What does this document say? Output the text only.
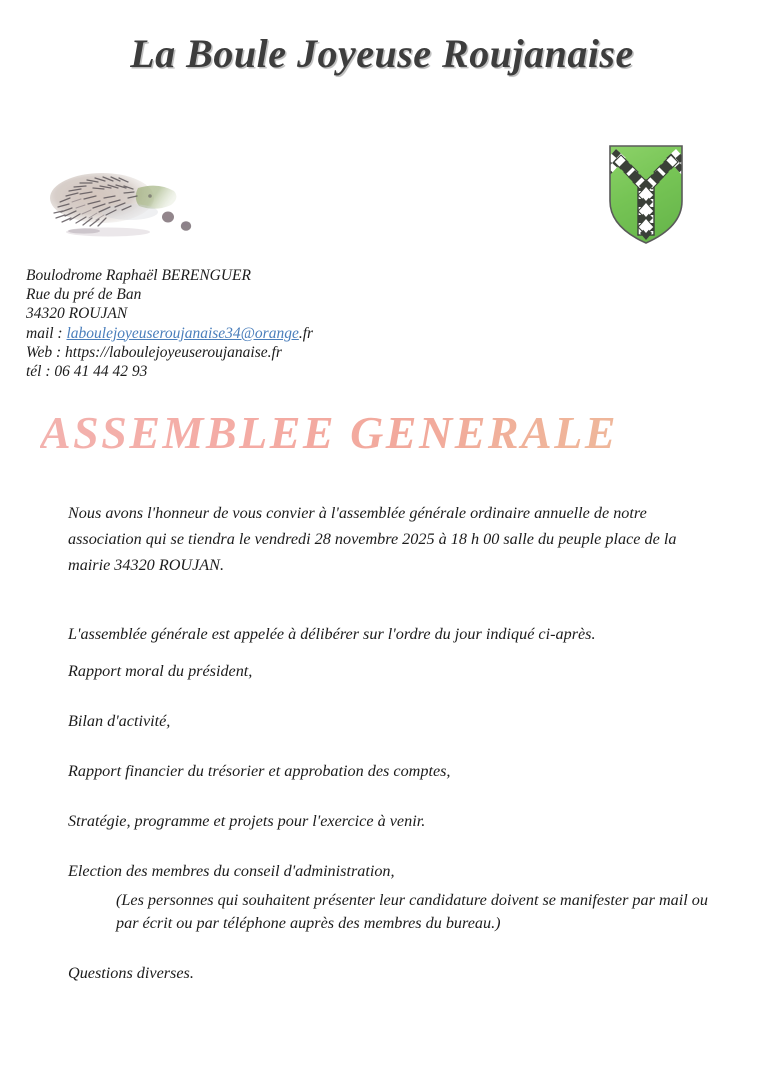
La Boule Joyeuse Roujanaise
Boulodrome Raphaël BERENGUER
Rue du pré de Ban
34320 ROUJAN
mail : laboulejoyeuseroujanaise34@orange.fr
Web : https://laboulejoyeuseroujanaise.fr
tél : 06 41 44 42 93
ASSEMBLEE GENERALE

Nous avons l'honneur de vous convier à l'assemblée générale ordinaire annuelle de notre association qui se tiendra le vendredi 28 novembre 2025 à 18 h 00 salle du peuple place de la mairie 34320 ROUJAN.

L'assemblée générale est appelée à délibérer sur l'ordre du jour indiqué ci-après.

Rapport moral du président,

Bilan d'activité,

Rapport financier du trésorier et approbation des comptes,

Stratégie, programme et projets pour l'exercice à venir.

Election des membres du conseil d'administration,

(Les personnes qui souhaitent présenter leur candidature doivent se manifester par mail ou par écrit ou par téléphone auprès des membres du bureau.)

Questions diverses.
